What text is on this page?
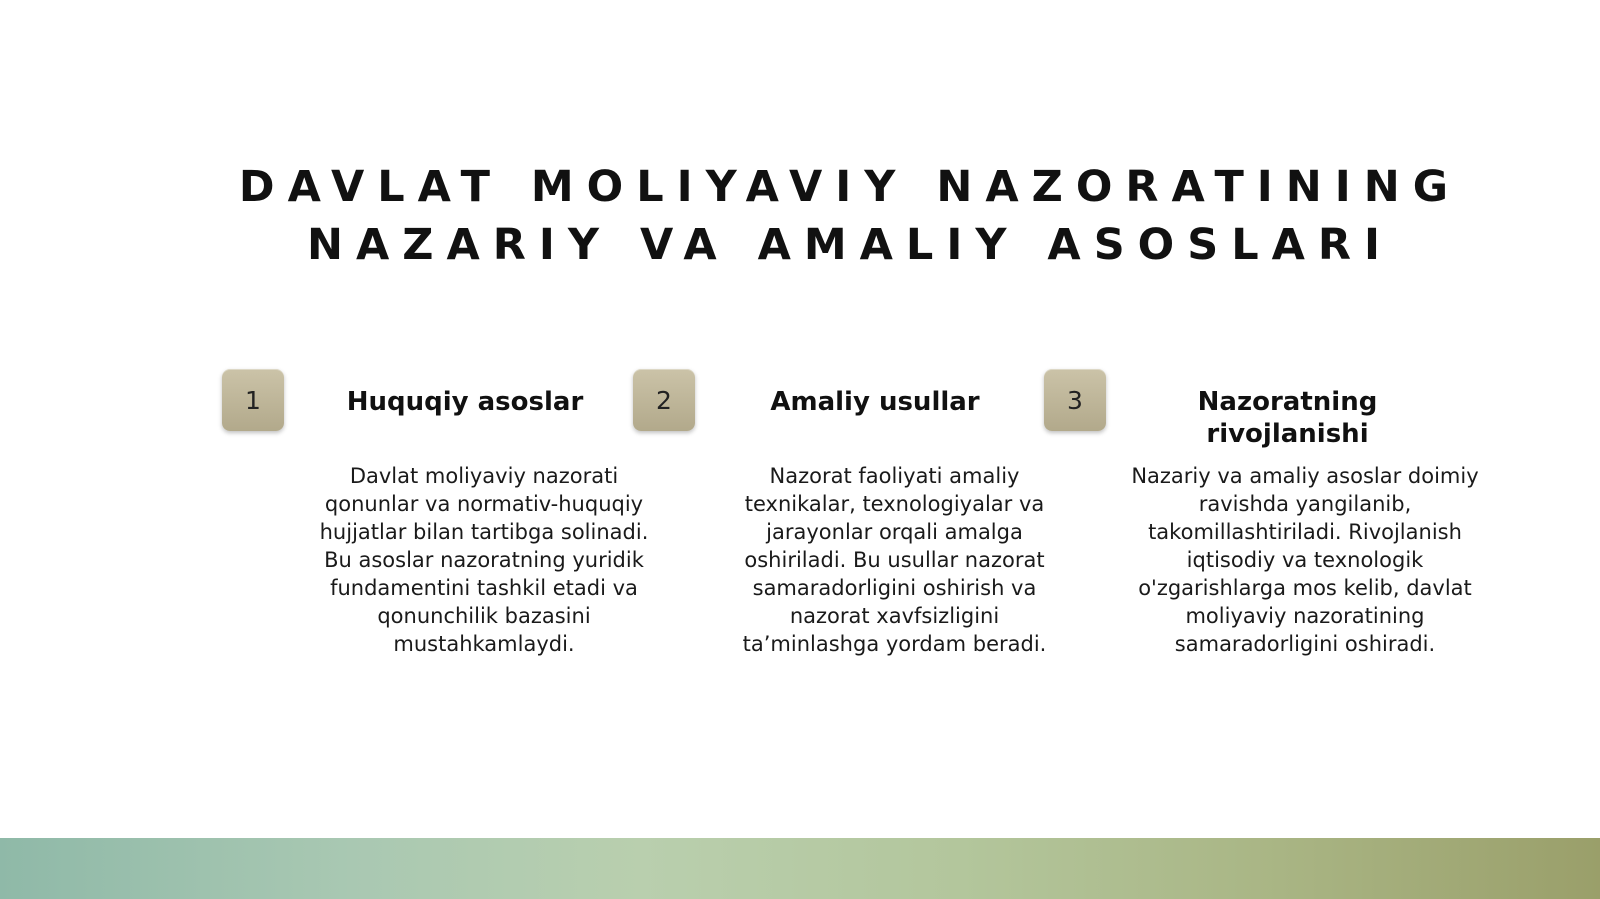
DAVLAT MOLIYAVIY NAZORATINING
NAZARIY VA AMALIY ASOSLARI
1	Huquqiy asoslar

Davlat moliyaviy nazorati qonunlar va normativ-huquqiy hujjatlar bilan tartibga solinadi. Bu asoslar nazoratning yuridik fundamentini tashkil etadi va qonunchilik bazasini mustahkamlaydi.

2	Amaliy usullar

Nazorat faoliyati amaliy texnikalar, texnologiyalar va jarayonlar orqali amalga oshiriladi. Bu usullar nazorat samaradorligini oshirish va nazorat xavfsizligini ta’minlashga yordam beradi.

3	Nazoratning rivojlanishi

Nazariy va amaliy asoslar doimiy ravishda yangilanib, takomillashtiriladi. Rivojlanish iqtisodiy va texnologik o'zgarishlarga mos kelib, davlat moliyaviy nazoratining samaradorligini oshiradi.
